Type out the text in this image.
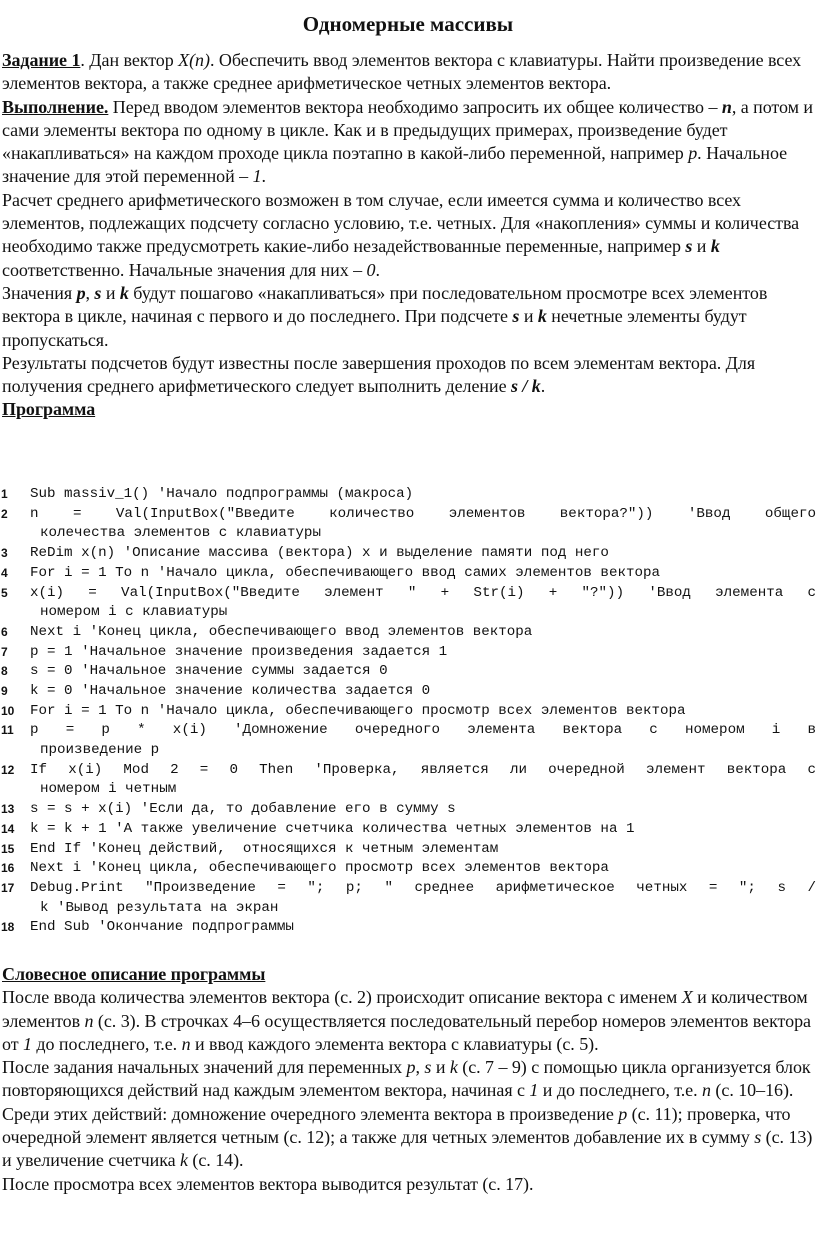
Одномерные массивы

Задание 1. Дан вектор X(n). Обеспечить ввод элементов вектора с клавиатуры. Найти произведение всех элементов вектора, а также среднее арифметическое четных элементов вектора.

Выполнение. Перед вводом элементов вектора необходимо запросить их общее количество – n, а потом и сами элементы вектора по одному в цикле. Как и в предыдущих примерах, произведение будет «накапливаться» на каждом проходе цикла поэтапно в какой-либо переменной, например p. Начальное значение для этой переменной – 1.

Расчет среднего арифметического возможен в том случае, если имеется сумма и количество всех элементов, подлежащих подсчету согласно условию, т.е. четных. Для «накопления» суммы и количества необходимо также предусмотреть какие-либо незадействованные переменные, например s и k соответственно. Начальные значения для них – 0.

Значения p, s и k будут пошагово «накапливаться» при последовательном просмотре всех элементов вектора в цикле, начиная с первого и до последнего. При подсчете s и k нечетные элементы будут пропускаться.

Результаты подсчетов будут известны после завершения проходов по всем элементам вектора. Для получения среднего арифметического следует выполнить деление s / k.

Программа

1	Sub massiv_1() 'Начало подпрограммы (макроса)
2	n = Val(InputBox("Введите количество элементов вектора?")) 'Ввод общего
колечества элементов с клавиатуры
3	ReDim x(n) 'Описание массива (вектора) x и выделение памяти под него
4	For i = 1 To n 'Начало цикла, обеспечивающего ввод самих элементов вектора
5	x(i) = Val(InputBox("Введите элемент " + Str(i) + "?")) 'Ввод элемента с
номером i с клавиатуры
6	Next i 'Конец цикла, обеспечивающего ввод элементов вектора
7	p = 1 'Начальное значение произведения задается 1
8	s = 0 'Начальное значение суммы задается 0
9	k = 0 'Начальное значение количества задается 0
10	For i = 1 To n 'Начало цикла, обеспечивающего просмотр всех элементов вектора
11	p = p * x(i) 'Домножение очередного элемента вектора с номером i в
произведение p
12	If x(i) Mod 2 = 0 Then 'Проверка, является ли очередной элемент вектора с
номером i четным
13	s = s + x(i) 'Если да, то добавление его в сумму s
14	k = k + 1 'А также увеличение счетчика количества четных элементов на 1
15	End If 'Конец действий,  относящихся к четным элементам
16	Next i 'Конец цикла, обеспечивающего просмотр всех элементов вектора
17	Debug.Print "Произведение = "; p; " среднее арифметическое четных = "; s /
k 'Вывод результата на экран
18	End Sub 'Окончание подпрограммы

Словесное описание программы

После ввода количества элементов вектора (с. 2) происходит описание вектора с именем X и количеством элементов n (с. 3). В строчках 4–6 осуществляется последовательный перебор номеров элементов вектора от 1 до последнего, т.е. n и ввод каждого элемента вектора с клавиатуры (с. 5).

После задания начальных значений для переменных p, s и k (с. 7 – 9) с помощью цикла организуется блок повторяющихся действий над каждым элементом вектора, начиная с 1 и до последнего, т.е. n (с. 10–16). Среди этих действий: домножение очередного элемента вектора в произведение p (с. 11); проверка, что очередной элемент является четным (с. 12); а также для четных элементов добавление их в сумму s (с. 13) и увеличение счетчика k (с. 14).

После просмотра всех элементов вектора выводится результат (с. 17).
